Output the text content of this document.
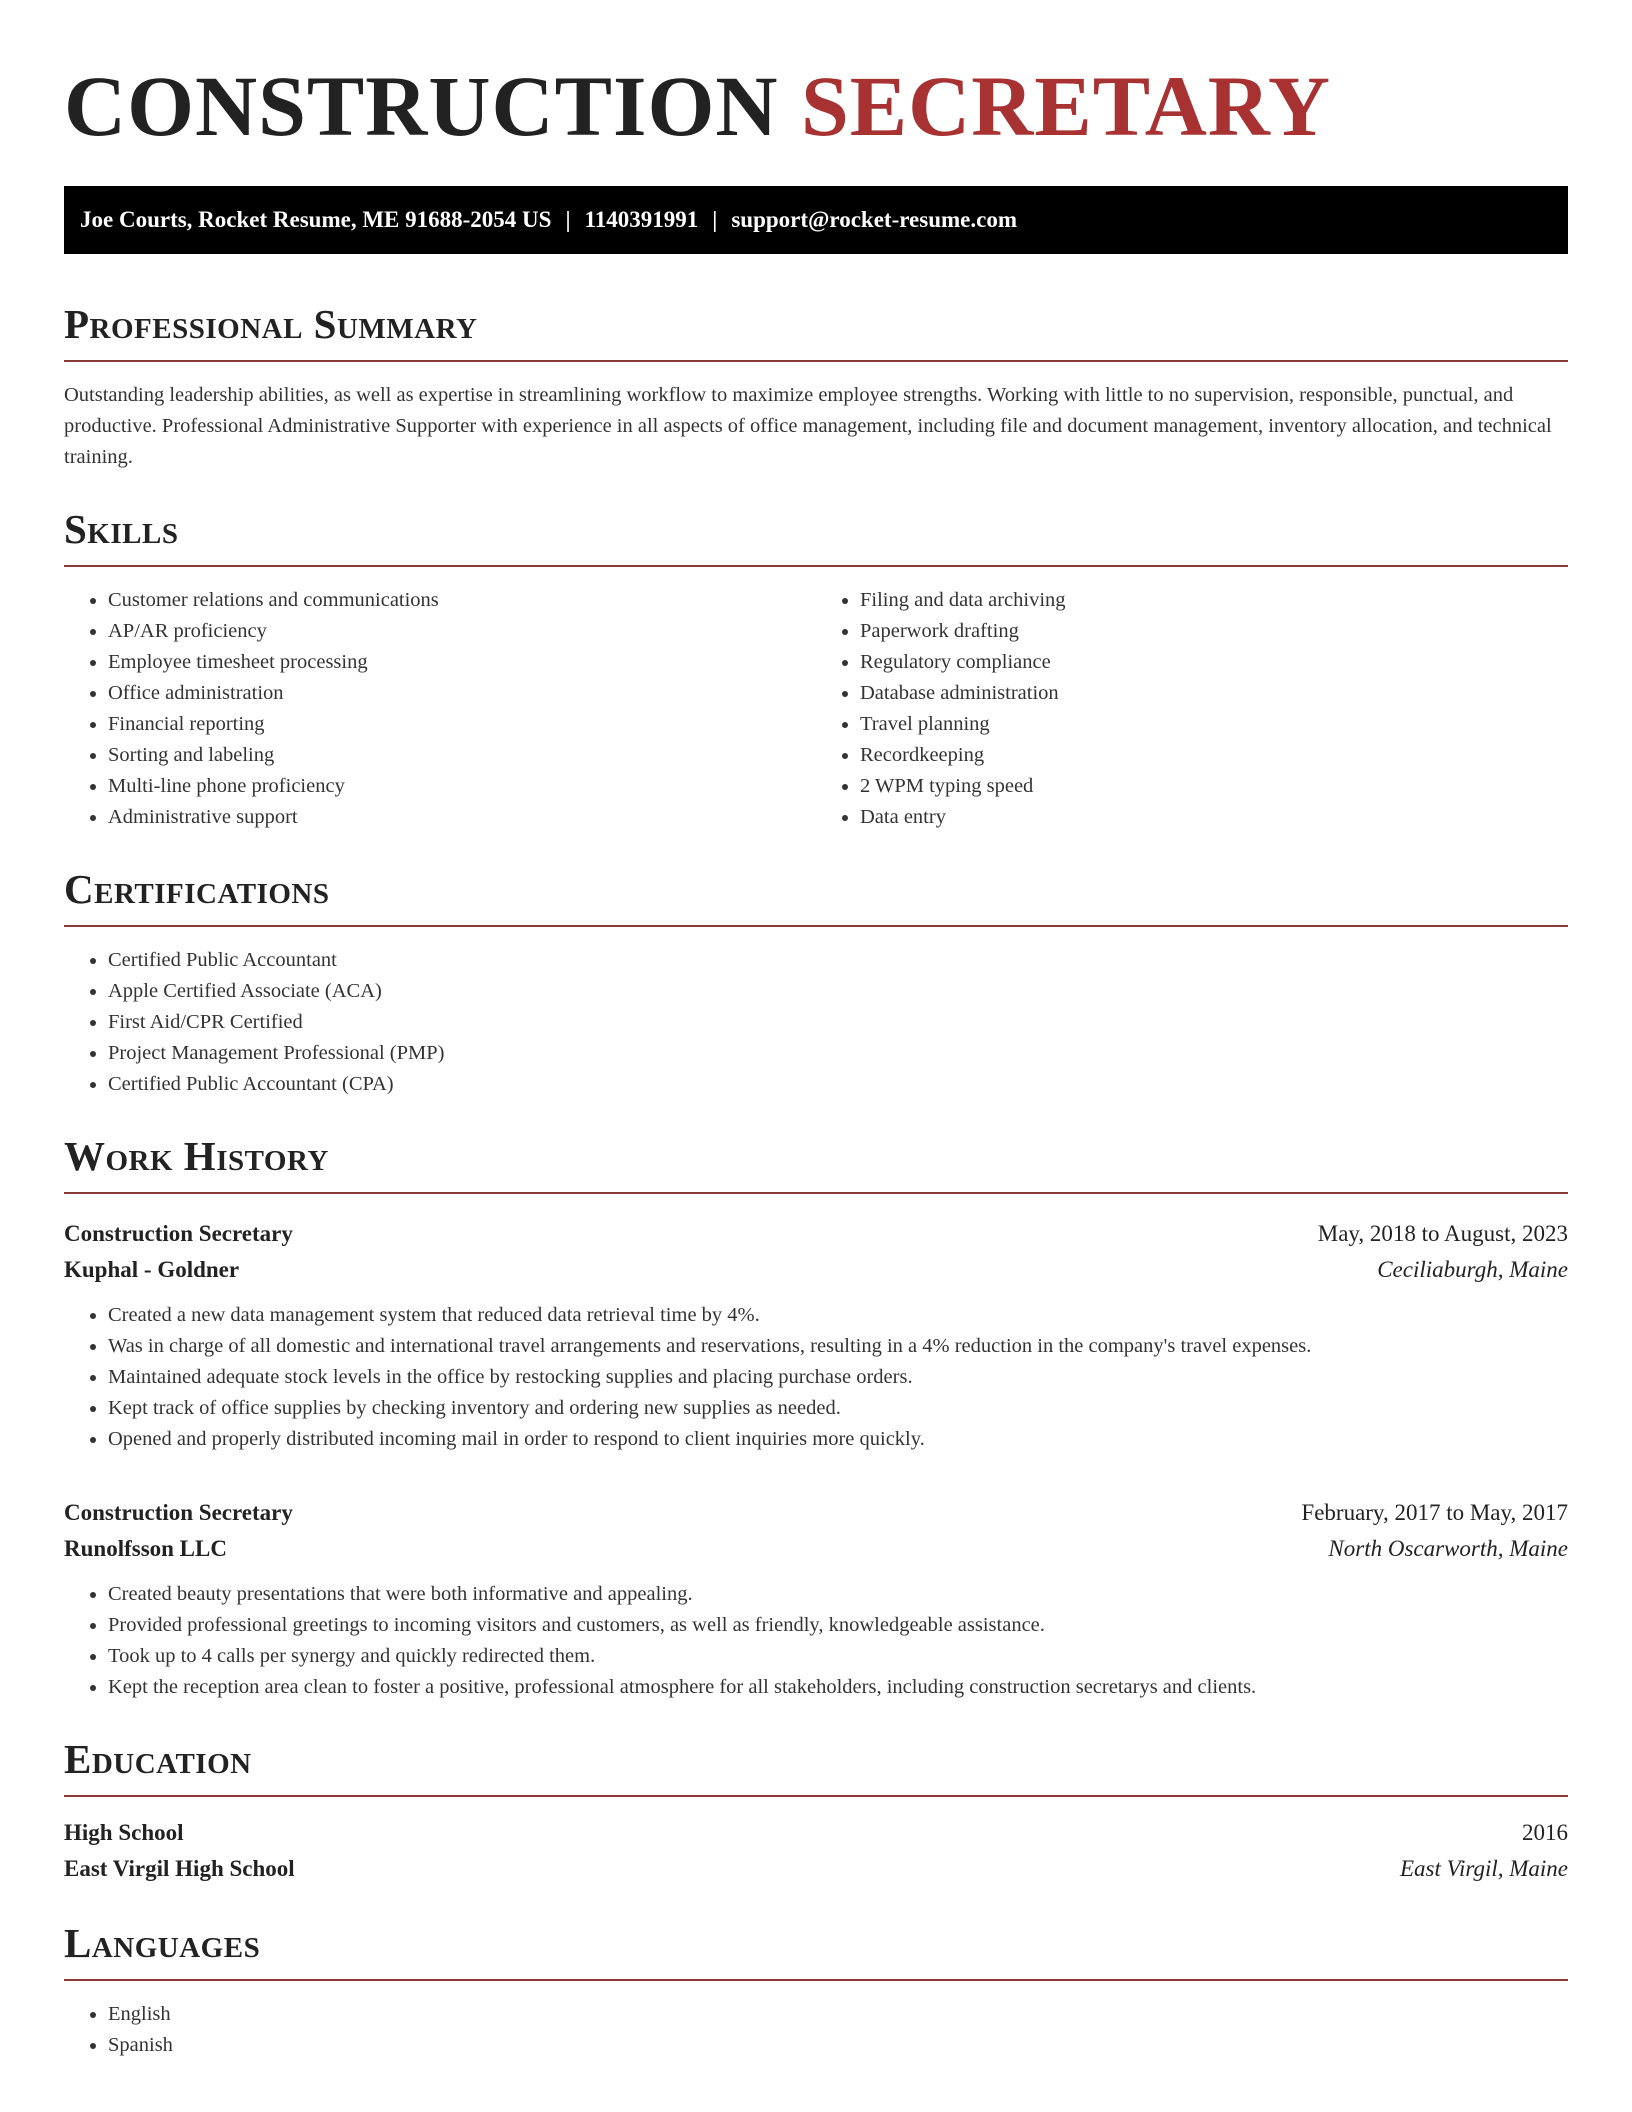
CONSTRUCTION SECRETARY
Joe Courts, Rocket Resume, ME 91688-2054 US | 1140391991 | support@rocket-resume.com
Professional Summary

Outstanding leadership abilities, as well as expertise in streamlining workflow to maximize employee strengths. Working with little to no supervision, responsible, punctual, and productive. Professional Administrative Supporter with experience in all aspects of office management, including file and document management, inventory allocation, and technical training.

Skills
• Customer relations and communications
• AP/AR proficiency
• Employee timesheet processing
• Office administration
• Financial reporting
• Sorting and labeling
• Multi-line phone proficiency
• Administrative support
• Filing and data archiving
• Paperwork drafting
• Regulatory compliance
• Database administration
• Travel planning
• Recordkeeping
• 2 WPM typing speed
• Data entry
Certifications
• Certified Public Accountant
• Apple Certified Associate (ACA)
• First Aid/CPR Certified
• Project Management Professional (PMP)
• Certified Public Accountant (CPA)
Work History
Construction Secretary	May, 2018 to August, 2023
Kuphal - Goldner	Ceciliaburgh, Maine
• Created a new data management system that reduced data retrieval time by 4%.
• Was in charge of all domestic and international travel arrangements and reservations, resulting in a 4% reduction in the company's travel expenses.
• Maintained adequate stock levels in the office by restocking supplies and placing purchase orders.
• Kept track of office supplies by checking inventory and ordering new supplies as needed.
• Opened and properly distributed incoming mail in order to respond to client inquiries more quickly.
Construction Secretary	February, 2017 to May, 2017
Runolfsson LLC	North Oscarworth, Maine
• Created beauty presentations that were both informative and appealing.
• Provided professional greetings to incoming visitors and customers, as well as friendly, knowledgeable assistance.
• Took up to 4 calls per synergy and quickly redirected them.
• Kept the reception area clean to foster a positive, professional atmosphere for all stakeholders, including construction secretarys and clients.
Education
High School	2016
East Virgil High School	East Virgil, Maine
Languages
• English
• Spanish
